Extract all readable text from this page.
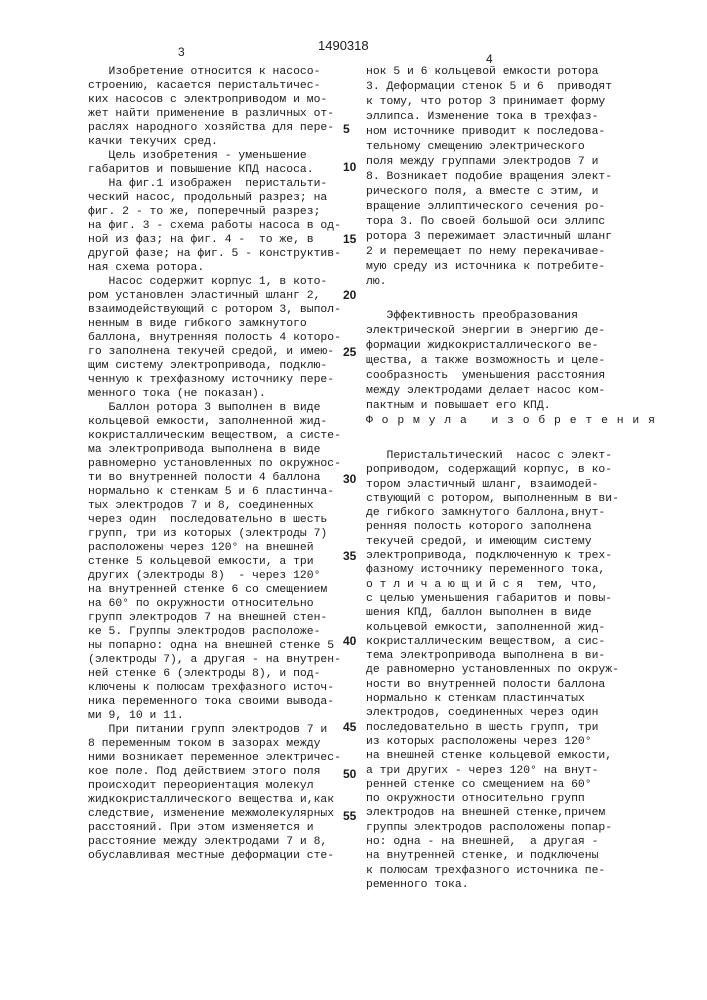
3	1490318
4
Изобретение относится к насосо-
строению, касается перистальтичес-
ких насосов с электроприводом и мо-
жет найти применение в различных от-
раслях народного хозяйства для пере-
качки текучих сред.
Цель изобретения - уменьшение
габаритов и повышение КПД насоса.
На фиг.1 изображен  перистальти-
ческий насос, продольный разрез; на
фиг. 2 - то же, поперечный разрез;
на фиг. 3 - схема работы насоса в од-
ной из фаз; на фиг. 4 -  то же, в
другой фазе; на фиг. 5 - конструктив-
ная схема ротора.
Насос содержит корпус 1, в кото-
ром установлен эластичный шланг 2,
взаимодействующий с ротором 3, выпол-
ненным в виде гибкого замкнутого
баллона, внутренняя полость 4 которо-
го заполнена текучей средой, и имею-
щим систему электропривода, подклю-
ченную к трехфазному источнику пере-
менного тока (не показан).
Баллон ротора 3 выполнен в виде
кольцевой емкости, заполненной жид-
кокристаллическим веществом, а систе-
ма электропривода выполнена в виде
равномерно установленных по окружнос-
ти во внутренней полости 4 баллона
нормально к стенкам 5 и 6 пластинча-
тых электродов 7 и 8, соединенных
через один  последовательно в шесть
групп, три из которых (электроды 7)
расположены через 120° на внешней
стенке 5 кольцевой емкости, а три
других (электроды 8)  - через 120°
на внутренней стенке 6 со смещением
на 60° по окружности относительно
групп электродов 7 на внешней стен-
ке 5. Группы электродов расположе-
ны попарно: одна на внешней стенке 5
(электроды 7), а другая - на внутрен-
ней стенке 6 (электроды 8), и под-
ключены к полюсам трехфазного источ-
ника переменного тока своими вывода-
ми 9, 10 и 11.
При питании групп электродов 7 и
8 переменным током в зазорах между
ними возникает переменное электричес-
кое поле. Под действием этого поля
происходит переориентация молекул
жидкокристаллического вещества и,как
следствие, изменение межмолекулярных
расстояний. При этом изменяется и
расстояние между электродами 7 и 8,
обуславливая местные деформации сте-
5
10
15
20
25
30
35
40
45
50
55
нок 5 и 6 кольцевой емкости ротора
3. Деформации стенок 5 и 6  приводят
к тому, что ротор 3 принимает форму
эллипса. Изменение тока в трехфаз-
ном источнике приводит к последова-
тельному смещению электрического
поля между группами электродов 7 и
8. Возникает подобие вращения элект-
рического поля, а вместе с этим, и
вращение эллиптического сечения ро-
тора 3. По своей большой оси эллипс
ротора 3 пережимает эластичный шланг
2 и перемещает по нему перекачивае-
мую среду из источника к потребите-
лю.
Эффективность преобразования
электрической энергии в энергию де-
формации жидкокристаллического ве-
щества, а также возможность и целе-
сообразность  уменьшения расстояния
между электродами делает насос ком-
пактным и повышает его КПД.
Ф о р м у л а   и з о б р е т е н и я
Перистальтический  насос с элект-
роприводом, содержащий корпус, в ко-
тором эластичный шланг, взаимодей-
ствующий с ротором, выполненным в ви-
де гибкого замкнутого баллона,внут-
ренняя полость которого заполнена
текучей средой, и имеющим систему
электропривода, подключенную к трех-
фазному источнику переменного тока,
о т л и ч а ю щ и й с я  тем, что,
с целью уменьшения габаритов и повы-
шения КПД, баллон выполнен в виде
кольцевой емкости, заполненной жид-
кокристаллическим веществом, а сис-
тема электропривода выполнена в ви-
де равномерно установленных по окруж-
ности во внутренней полости баллона
нормально к стенкам пластинчатых
электродов, соединенных через один
последовательно в шесть групп, три
из которых расположены через 120°
на внешней стенке кольцевой емкости,
а три других - через 120° на внут-
ренней стенке со смещением на 60°
по окружности относительно групп
электродов на внешней стенке,причем
группы электродов расположены попар-
но: одна - на внешней,  а другая -
на внутренней стенке, и подключены
к полюсам трехфазного источника пе-
ременного тока.
